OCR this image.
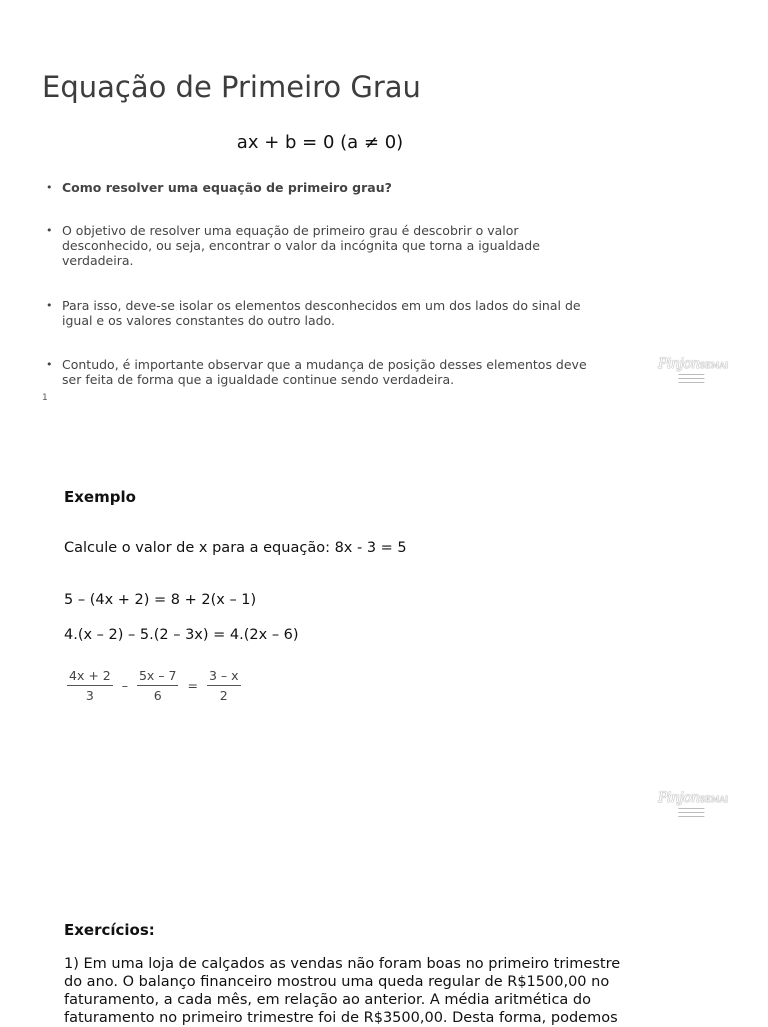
Equação de Primeiro Grau
ax + b = 0 (a ≠ 0)
• Como resolver uma equação de primeiro grau?
• O objetivo de resolver uma equação de primeiro grau é descobrir o valor desconhecido, ou seja, encontrar o valor da incógnita que torna a igualdade verdadeira.
• Para isso, deve-se isolar os elementos desconhecidos em um dos lados do sinal de igual e os valores constantes do outro lado.
• Contudo, é importante observar que a mudança de posição desses elementos deve ser feita de forma que a igualdade continue sendo verdadeira.
1
PinjonSEMAI
PinjonSEMAI
Exemplo
Calcule o valor de x para a equação: 8x - 3 = 5
5 – (4x + 2) = 8 + 2(x – 1)
4.(x – 2) – 5.(2 – 3x) = 4.(2x – 6)
$\frac{4x + 2}{3} - \frac{5x - 7}{6} = \frac{3 - x}{2}$
Exercícios:
1) Em uma loja de calçados as vendas não foram boas no primeiro trimestre do ano. O balanço financeiro mostrou uma queda regular de R$1500,00 no faturamento, a cada mês, em relação ao anterior. A média aritmética do faturamento no primeiro trimestre foi de R$3500,00. Desta forma, podemos
